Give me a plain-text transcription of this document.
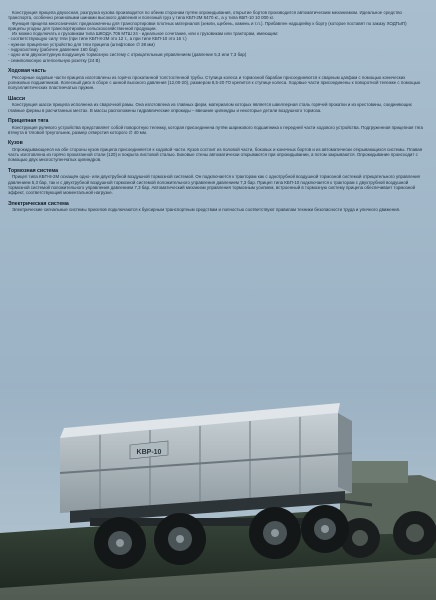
Конструкция прицепа двухосная, разгрузка кузова производится по обеим сторонам путём опрокидывания, открытие бортов производится автоматическим механизмом. Идеальное средство транспорта, особенно резиновыми шинами высокого давления и полезный груз у типа КБП-2М 8470 кг., а у типа КБП-10 10 000 кг.

Функция прицепа многозначная: предназначены для транспортировки плотных материалов (земли, щебень, камень и т.п.). Прибавлен надшрейку к борту (которое поставят по заказу ХОДГЫП) прицепы угодны для транспортировки сельскохозяйственной продукции.

Их можно подключать к грузовикам типа ШКОДА 706 МТШ 24 - идеальное сочетание, или к грузовикам или тракторам, имеющим:

- соответствующую силу тяги (при типе КБП-8-2М это 12 т., а при типе КБП-10 это 16 т.)
- нужное прицепное устройство для тяги прицепа (штифтовое ∅ 38 мм)
- гидросистему (рабочее давление 160 бар)
- одно или двухконтурную воздушную тормозную систему с отрицательным управлением (давление 5,3 или 7,3 бар)
- семиполюсную штепсельную розетку (24 В)
Ходовая часть

Рессорные ходовые части прицепа изготовлены из горячо прокатанной толстостенной трубы. Ступица колеса и тормозной барабан присоединяются к сварным цапфам с помощью конических роликовых подшипников. Колесный диск в сборе с шиной высокого давления (12,00-20), размером 8,5-20 ГО крепится к ступице колеса. Ходовые части присоединены к поворотной тележке с помощью полуэллиптических пластинчатых пружин.

Шасси

Конструкция шасси прицепа исполнена из сварочной рамы. Она изготовлена из главных ферм, материалом которых является швеллерная сталь горячей прокатки и из крестовины, соединяющих главные фермы в расчитанных местах. В массы расположены гидравлические опрокиды – ввешние цилиндры и некоторые детали воздушного тормоза.

Прицепная тяга

Конструкция рулевого устройства представляет собой поворотную тележку, которая присоединена путём шарикового подшипника к передней части ходового устройства. Подгруженная прицепная тяга втянута в тяговой треугольник, размер отверстия которого ∅ 40 мм.

Кузов

Опрокидывающееся на обе стороны кузов прицепа присоединяется к ходовой части. Кузов состоит из половой части, боковых и конечных бортов и из автоматически открывающихся системы. Плавая часть изготовлена из горячо прокатанной стали (120) и покрыта листовой сталью. Боковые стены автоматически открываются при опрокидывании, а потом закрываются. Опрокидывание происходит с помощью двух многоступенчатых цилиндров.

Тормозная система

Прицеп типа КБП-8-2М оснащён одно- или двухтрубной воздушной тормозной системой. Он подключается к тракторам как с однотрубной воздушной тормозной системой отрицательного управления давлением 5,3 бар, так и с двухтрубной воздушной тормозной системой положительного управления давлением 7,3 бар. Прицеп типа КБП-10 подключается к тракторам с двухтрубной воздушной тормозной системой положительного управления давлением 7,3 бар. Автоматический механизм управления тормозным усилием, встроенный в тормозную систему прицепа обеспечивает тормозной эффект, соответствующий моментальной нагрузке.

Электрическая система

Электрические сигнальные системы присепов подключаются к буксирным транспортным средствам и полностью соответствуют правилам техники безопасности труда и уличного движения.

KBP-10
